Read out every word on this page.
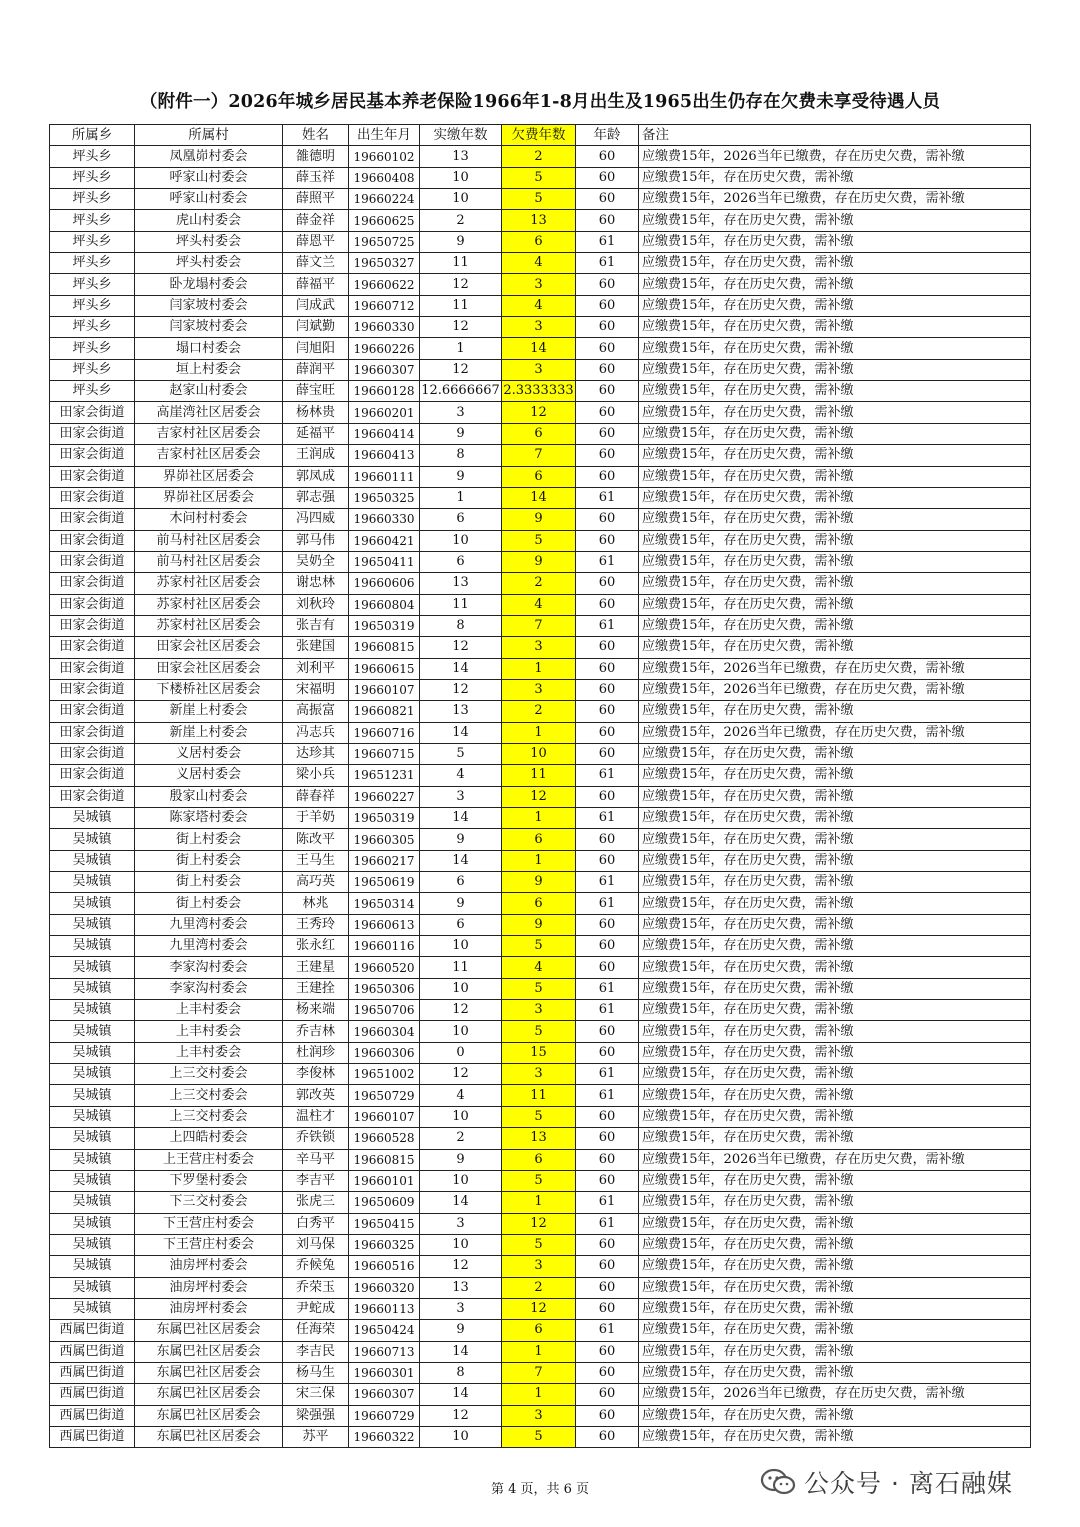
（附件一）2026年城乡居民基本养老保险1966年1-8月出生及1965出生仍存在欠费未享受待遇人员
所属乡	所属村	姓名	出生年月	实缴年数	欠费年数	年龄	备注
坪头乡	凤凰峁村委会	雒德明	19660102	13	2	60	应缴费15年，2026当年已缴费，存在历史欠费，需补缴
坪头乡	呼家山村委会	薛玉祥	19660408	10	5	60	应缴费15年，存在历史欠费，需补缴
坪头乡	呼家山村委会	薛照平	19660224	10	5	60	应缴费15年，2026当年已缴费，存在历史欠费，需补缴
坪头乡	虎山村委会	薛金祥	19660625	2	13	60	应缴费15年，存在历史欠费，需补缴
坪头乡	坪头村委会	薛恩平	19650725	9	6	61	应缴费15年，存在历史欠费，需补缴
坪头乡	坪头村委会	薛文兰	19650327	11	4	61	应缴费15年，存在历史欠费，需补缴
坪头乡	卧龙塌村委会	薛福平	19660622	12	3	60	应缴费15年，存在历史欠费，需补缴
坪头乡	闫家坡村委会	闫成武	19660712	11	4	60	应缴费15年，存在历史欠费，需补缴
坪头乡	闫家坡村委会	闫斌勤	19660330	12	3	60	应缴费15年，存在历史欠费，需补缴
坪头乡	塌口村委会	闫旭阳	19660226	1	14	60	应缴费15年，存在历史欠费，需补缴
坪头乡	垣上村委会	薛润平	19660307	12	3	60	应缴费15年，存在历史欠费，需补缴
坪头乡	赵家山村委会	薛宝旺	19660128	12.6666667	2.3333333	60	应缴费15年，存在历史欠费，需补缴
田家会街道	高崖湾社区居委会	杨林贵	19660201	3	12	60	应缴费15年，存在历史欠费，需补缴
田家会街道	吉家村社区居委会	延福平	19660414	9	6	60	应缴费15年，存在历史欠费，需补缴
田家会街道	吉家村社区居委会	王润成	19660413	8	7	60	应缴费15年，存在历史欠费，需补缴
田家会街道	界峁社区居委会	郭凤成	19660111	9	6	60	应缴费15年，存在历史欠费，需补缴
田家会街道	界峁社区居委会	郭志强	19650325	1	14	61	应缴费15年，存在历史欠费，需补缴
田家会街道	木问村村委会	冯四威	19660330	6	9	60	应缴费15年，存在历史欠费，需补缴
田家会街道	前马村社区居委会	郭马伟	19660421	10	5	60	应缴费15年，存在历史欠费，需补缴
田家会街道	前马村社区居委会	吴奶全	19650411	6	9	61	应缴费15年，存在历史欠费，需补缴
田家会街道	苏家村社区居委会	谢忠林	19660606	13	2	60	应缴费15年，存在历史欠费，需补缴
田家会街道	苏家村社区居委会	刘秋玲	19660804	11	4	60	应缴费15年，存在历史欠费，需补缴
田家会街道	苏家村社区居委会	张吉有	19650319	8	7	61	应缴费15年，存在历史欠费，需补缴
田家会街道	田家会社区居委会	张建国	19660815	12	3	60	应缴费15年，存在历史欠费，需补缴
田家会街道	田家会社区居委会	刘利平	19660615	14	1	60	应缴费15年，2026当年已缴费，存在历史欠费，需补缴
田家会街道	下楼桥社区居委会	宋福明	19660107	12	3	60	应缴费15年，2026当年已缴费，存在历史欠费，需补缴
田家会街道	新崖上村委会	高振富	19660821	13	2	60	应缴费15年，存在历史欠费，需补缴
田家会街道	新崖上村委会	冯志兵	19660716	14	1	60	应缴费15年，2026当年已缴费，存在历史欠费，需补缴
田家会街道	义居村委会	达珍其	19660715	5	10	60	应缴费15年，存在历史欠费，需补缴
田家会街道	义居村委会	梁小兵	19651231	4	11	61	应缴费15年，存在历史欠费，需补缴
田家会街道	殷家山村委会	薛春祥	19660227	3	12	60	应缴费15年，存在历史欠费，需补缴
吴城镇	陈家塔村委会	于羊奶	19650319	14	1	61	应缴费15年，存在历史欠费，需补缴
吴城镇	街上村委会	陈改平	19660305	9	6	60	应缴费15年，存在历史欠费，需补缴
吴城镇	街上村委会	王马生	19660217	14	1	60	应缴费15年，存在历史欠费，需补缴
吴城镇	街上村委会	高巧英	19650619	6	9	61	应缴费15年，存在历史欠费，需补缴
吴城镇	街上村委会	林兆	19650314	9	6	61	应缴费15年，存在历史欠费，需补缴
吴城镇	九里湾村委会	王秀玲	19660613	6	9	60	应缴费15年，存在历史欠费，需补缴
吴城镇	九里湾村委会	张永红	19660116	10	5	60	应缴费15年，存在历史欠费，需补缴
吴城镇	李家沟村委会	王建星	19660520	11	4	60	应缴费15年，存在历史欠费，需补缴
吴城镇	李家沟村委会	王建拴	19650306	10	5	61	应缴费15年，存在历史欠费，需补缴
吴城镇	上丰村委会	杨来端	19650706	12	3	61	应缴费15年，存在历史欠费，需补缴
吴城镇	上丰村委会	乔吉林	19660304	10	5	60	应缴费15年，存在历史欠费，需补缴
吴城镇	上丰村委会	杜润珍	19660306	0	15	60	应缴费15年，存在历史欠费，需补缴
吴城镇	上三交村委会	李俊林	19651002	12	3	61	应缴费15年，存在历史欠费，需补缴
吴城镇	上三交村委会	郭改英	19650729	4	11	61	应缴费15年，存在历史欠费，需补缴
吴城镇	上三交村委会	温柱才	19660107	10	5	60	应缴费15年，存在历史欠费，需补缴
吴城镇	上四皓村委会	乔铁锁	19660528	2	13	60	应缴费15年，存在历史欠费，需补缴
吴城镇	上王营庄村委会	辛马平	19660815	9	6	60	应缴费15年，2026当年已缴费，存在历史欠费，需补缴
吴城镇	下罗堡村委会	李吉平	19660101	10	5	60	应缴费15年，存在历史欠费，需补缴
吴城镇	下三交村委会	张虎三	19650609	14	1	61	应缴费15年，存在历史欠费，需补缴
吴城镇	下王营庄村委会	白秀平	19650415	3	12	61	应缴费15年，存在历史欠费，需补缴
吴城镇	下王营庄村委会	刘马保	19660325	10	5	60	应缴费15年，存在历史欠费，需补缴
吴城镇	油房坪村委会	乔候兔	19660516	12	3	60	应缴费15年，存在历史欠费，需补缴
吴城镇	油房坪村委会	乔荣玉	19660320	13	2	60	应缴费15年，存在历史欠费，需补缴
吴城镇	油房坪村委会	尹蛇成	19660113	3	12	60	应缴费15年，存在历史欠费，需补缴
西属巴街道	东属巴社区居委会	任海荣	19650424	9	6	61	应缴费15年，存在历史欠费，需补缴
西属巴街道	东属巴社区居委会	李吉民	19660713	14	1	60	应缴费15年，存在历史欠费，需补缴
西属巴街道	东属巴社区居委会	杨马生	19660301	8	7	60	应缴费15年，存在历史欠费，需补缴
西属巴街道	东属巴社区居委会	宋三保	19660307	14	1	60	应缴费15年，2026当年已缴费，存在历史欠费，需补缴
西属巴街道	东属巴社区居委会	梁强强	19660729	12	3	60	应缴费15年，存在历史欠费，需补缴
西属巴街道	东属巴社区居委会	苏平	19660322	10	5	60	应缴费15年，存在历史欠费，需补缴
第 4 页，共 6 页	公众号 · 离石融媒
